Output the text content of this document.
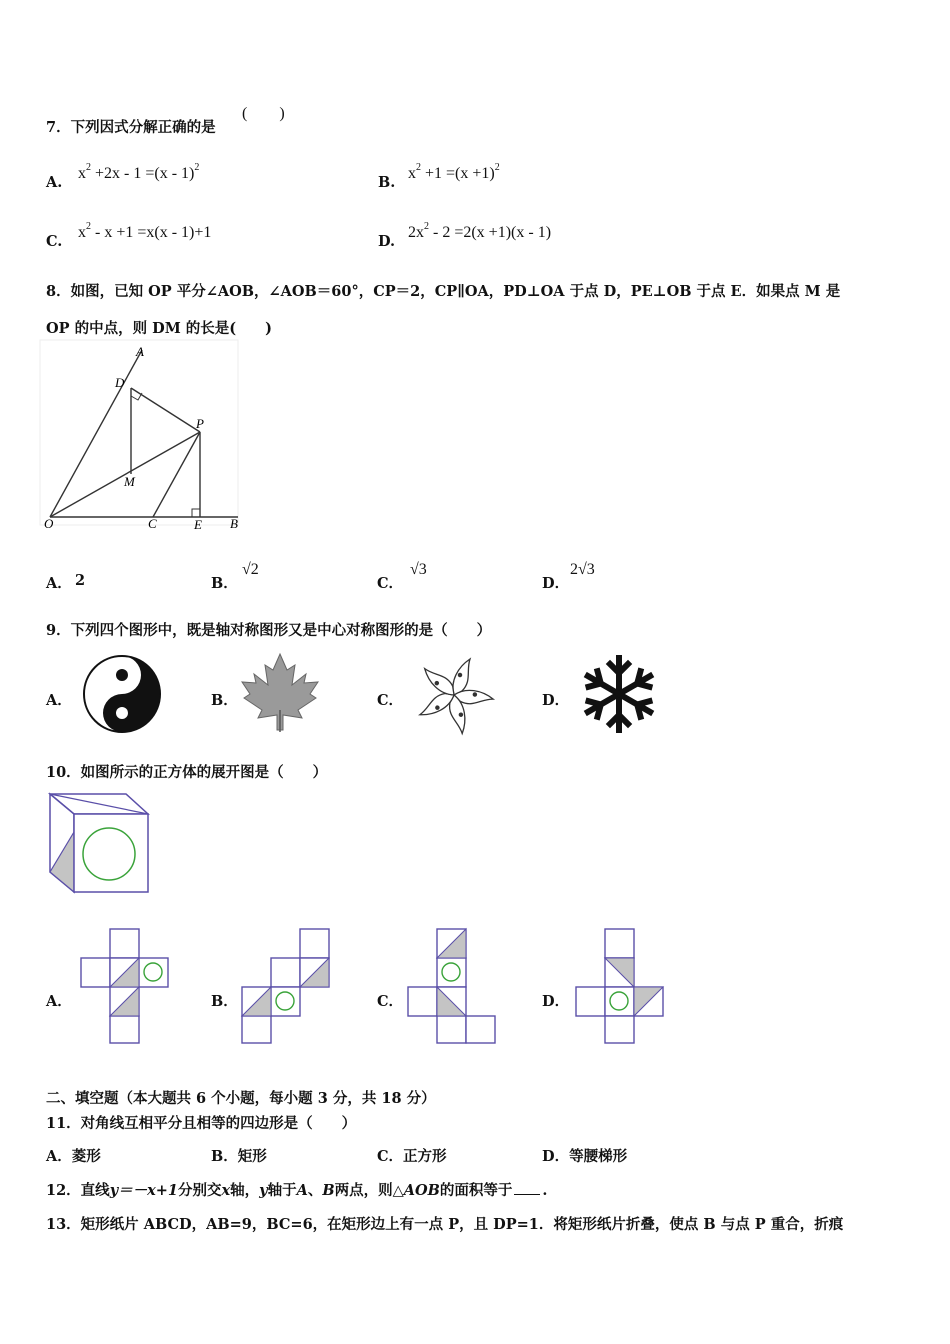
7．下列因式分解正确的是
(　　)
A.
$x^2 +2x - 1 =(x - 1)^2$
B.
$x^2 +1 =(x +1)^2$
C.
$x^2 - x +1 =x(x - 1)+1$
D.
$2x^2 - 2 =2(x +1)(x - 1)$
8．如图，已知 OP 平分∠AOB，∠AOB＝60°，CP＝2，CP∥OA，PD⊥OA 于点 D，PE⊥OB 于点 E．如果点 M 是
OP 的中点，则 DM 的长是(　　)
A
D
P
M
O	C	E B
A． 2	B．
√2
C．
√3
D．
2√3
9．下列四个图形中，既是轴对称图形又是中心对称图形的是（　　）
A．	B．	C．	D．
10．如图所示的正方体的展开图是（　　）
A．	B．	C．	D．
二、填空题（本大题共 6 个小题，每小题 3 分，共 18 分）
11．对角线互相平分且相等的四边形是（　　）
A．菱形	B．矩形	C．正方形	D．等腰梯形
12．直线y＝－x+1分别交x轴，y轴于A、B两点，则△AOB的面积等于 .
13．矩形纸片 ABCD，AB=9，BC=6，在矩形边上有一点 P，且 DP=1．将矩形纸片折叠，使点 B 与点 P 重合，折痕
